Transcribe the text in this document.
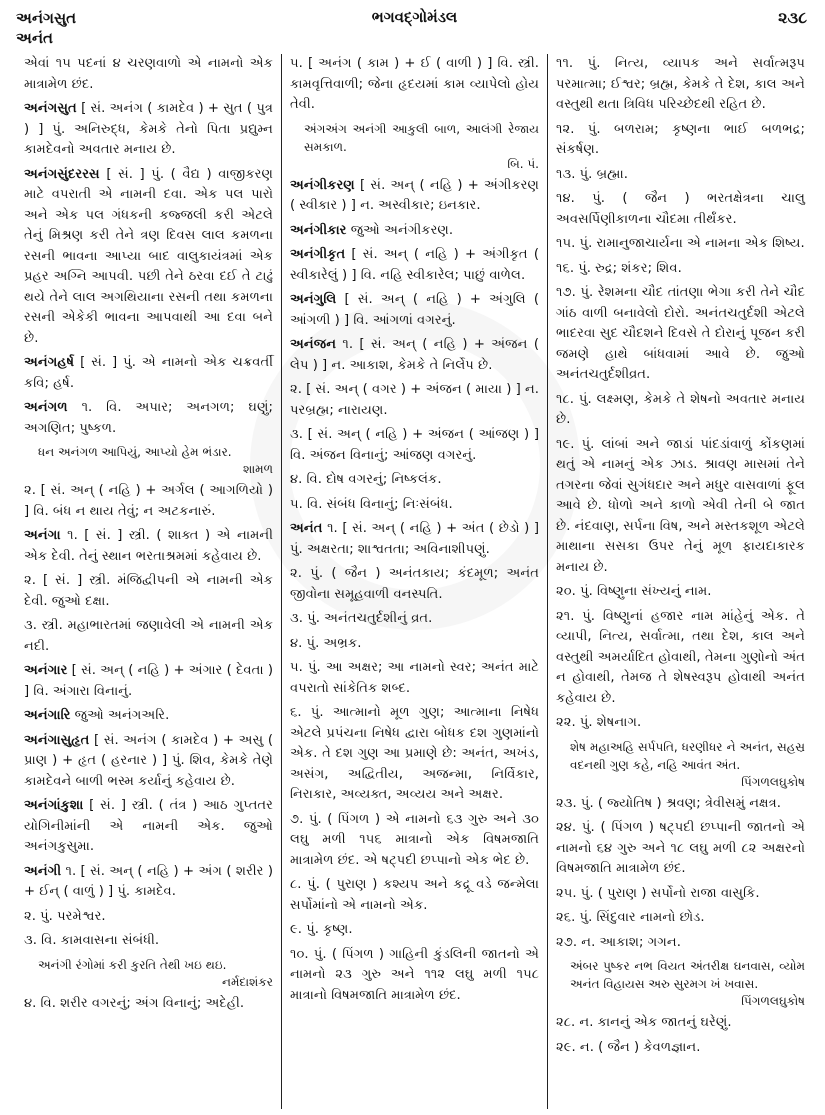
અનંગસુત
અનંત
ભગવદ્ગોમંડલ	૨૩૮

એવાં ૧૫ પદનાં ૪ ચરણવાળો એ નામનો એક માત્રામેળ છંદ.

અનંગસુત [ સં. અનંગ ( કામદેવ ) + સુત ( પુત્ર ) ] પું. અનિરુદ્ધ, કેમકે તેનો પિતા પ્રદ્યુમ્ન કામદેવનો અવતાર મનાય છે.

અનંગસુંદરરસ [ સં. ] પું. ( વૈદ્ય ) વાજીકરણ માટે વપરાતી એ નામની દવા. એક પલ પારો અને એક પલ ગંધકની કજ્જલી કરી એટલે તેનું મિશ્રણ કરી તેને ત્રણ દિવસ લાલ કમળના રસની ભાવના આપ્યા બાદ વાલુકાયંત્રમાં એક પ્રહર અગ્નિ આપવી. પછી તેને ઠરવા દઈ તે ટાઢું થયે તેને લાલ અગથિયાના રસની તથા કમળના રસની એકેકી ભાવના આપવાથી આ દવા બને છે.

અનંગહર્ષ [ સં. ] પું. એ નામનો એક ચક્રવર્તી કવિ; હર્ષ.

અનંગળ ૧. વિ. અપાર; અનગળ; ઘણું; અગણિત; પુષ્કળ.

ધન અનંગળ આપિયું, આપ્યો હેમ ભંડાર.

શામળ

૨. [ સં. અન્ ( નહિ ) + અર્ગલ ( આગળિયો ) ] વિ. બંધ ન થાય તેવું; ન અટકનારું.

અનંગા ૧. [ સં. ] સ્ત્રી. ( શાક્ત ) એ નામની એક દેવી. તેનું સ્થાન ભરતાશ્રમમાં કહેવાય છે.

૨. [ સં. ] સ્ત્રી. મંજિદ્વીપની એ નામની એક દેવી. જુઓ દક્ષા.

૩. સ્ત્રી. મહાભારતમાં જણાવેલી એ નામની એક નદી.

અનંગાર [ સં. અન્ ( નહિ ) + અંગાર ( દેવતા ) ] વિ. અંગારા વિનાનું.

અનંગારિ જુઓ અનંગઅરિ.

અનંગાસુહૃત [ સં. અનંગ ( કામદેવ ) + અસુ ( પ્રાણ ) + હૃત ( હરનાર ) ] પું. શિવ, કેમકે તેણે કામદેવને બાળી ભસ્મ કર્યાનું કહેવાય છે.

અનંગાંકુશા [ સં. ] સ્ત્રી. ( તંત્ર ) આઠ ગુપ્તતર યોગિનીમાંની એ નામની એક. જુઓ અનંગકુસુમા.

અનંગી ૧. [ સં. અન્ ( નહિ ) + અંગ ( શરીર ) + ઈન્ ( વાળું ) ] પું. કામદેવ.

૨. પું. પરમેશ્વર.

૩. વિ. કામવાસના સંબંધી.

અનંગી રંગોમાં કરી કુરતિ તેથી ખઇ થઇ.

નર્મદાશંકર

૪. વિ. શરીર વગરનું; અંગ વિનાનું; અદેહી.

૫. [ અનંગ ( કામ ) + ઈ ( વાળી ) ] વિ. સ્ત્રી. કામવૃત્તિવાળી; જેના હૃદયમાં કામ વ્યાપેલો હોય તેવી.

અંગઅંગ અનંગી આકુલી બાળ, આલંગી રેજાય સમકાળ.

બિ. પં.

અનંગીકરણ [ સં. અન્ ( નહિ ) + અંગીકરણ ( સ્વીકાર ) ] ન. અસ્વીકાર; ઇનકાર.

અનંગીકાર જુઓ અનંગીકરણ.

અનંગીકૃત [ સં. અન્ ( નહિ ) + અંગીકૃત ( સ્વીકારેલું ) ] વિ. નહિ સ્વીકારેલ; પાછું વાળેલ.

અનંગુલિ [ સં. અન્ ( નહિ ) + અંગુલિ ( આંગળી ) ] વિ. આંગળાં વગરનું.

અનંજન ૧. [ સં. અન્ ( નહિ ) + અંજન ( લેપ ) ] ન. આકાશ, કેમકે તે નિર્લેપ છે.

૨. [ સં. અન્ ( વગર ) + અંજન ( માયા ) ] ન. પરબ્રહ્મ; નારાયણ.

૩. [ સં. અન્ ( નહિ ) + અંજન ( આંજણ ) ] વિ. અંજન વિનાનું; આંજણ વગરનું.

૪. વિ. દોષ વગરનું; નિષ્કલંક.

૫. વિ. સંબંધ વિનાનું; નિઃસંબંધ.

અનંત ૧. [ સં. અન્ ( નહિ ) + અંત ( છેડો ) ] પું. અક્ષરતા; શાશ્વતતા; અવિનાશીપણું.

૨. પું. ( જૈન ) અનંતકાય; કંદમૂળ; અનંત જીવોના સમૂહવાળી વનસ્પતિ.

૩. પું. અનંતચતુર્દશીનું વ્રત.

૪. પું. અભ્રક.

૫. પું. આ અક્ષર; આ નામનો સ્વર; અનંત માટે વપરાતો સાંકેતિક શબ્દ.

૬. પું. આત્માનો મૂળ ગુણ; આત્માના નિષેધ એટલે પ્રપંચના નિષેધ દ્વારા બોધક દશ ગુણમાંનો એક. તે દશ ગુણ આ પ્રમાણે છે: અનંત, અખંડ, અસંગ, અદ્વિતીય, અજન્મા, નિર્વિકાર, નિરાકાર, અવ્યક્ત, અવ્યય અને અક્ષર.

૭. પું. ( પિંગળ ) એ નામનો ૬૩ ગુરુ અને ૩૦ લઘુ મળી ૧૫૬ માત્રાનો એક વિષમજાતિ માત્રામેળ છંદ. એ ષટ્પદી છપ્પાનો એક ભેદ છે.

૮. પું. ( પુરાણ ) કશ્યપ અને કદ્રૂ વડે જન્મેલા સર્પોમાંનો એ નામનો એક.

૯. પું. કૃષ્ણ.

૧૦. પું. ( પિંગળ ) ગાહિની કુંડલિની જાતનો એ નામનો ૨૩ ગુરુ અને ૧૧૨ લઘુ મળી ૧૫૮ માત્રાનો વિષમજાતિ માત્રામેળ છંદ.

૧૧. પું. નિત્ય, વ્યાપક અને સર્વાત્મરૂપ પરમાત્મા; ઈશ્વર; બ્રહ્મ, કેમકે તે દેશ, કાલ અને વસ્તુથી થતા ત્રિવિધ પરિચ્છેદથી રહિત છે.

૧૨. પું. બળરામ; કૃષ્ણના ભાઈ બળભદ્ર; સંકર્ષણ.

૧૩. પું. બ્રહ્મા.

૧૪. પું. ( જૈન ) ભરતક્ષેત્રના ચાલુ અવસર્પિણીકાળના ચૌદમા તીર્થંકર.

૧૫. પું. રામાનુજાચાર્યના એ નામના એક શિષ્ય.

૧૬. પું. રુદ્ર; શંકર; શિવ.

૧૭. પું. રેશમના ચૌદ તાંતણા ભેગા કરી તેને ચૌદ ગાંઠ વાળી બનાવેલો દોરો. અનંતચતુર્દશી એટલે ભાદરવા સુદ ચૌદશને દિવસે તે દોરાનું પૂજન કરી જમણે હાથે બાંધવામાં આવે છે. જુઓ અનંતચતુર્દશીવ્રત.

૧૮. પું. લક્ષ્મણ, કેમકે તે શેષનો અવતાર મનાય છે.

૧૯. પું. લાંબાં અને જાડાં પાંદડાંવાળું કોંકણમાં થતું એ નામનું એક ઝાડ. શ્રાવણ માસમાં તેને તગરના જેવાં સુગંધદાર અને મધુર વાસવાળાં ફૂલ આવે છે. ધોળો અને કાળો એવી તેની બે જાત છે. નંદવાણ, સર્પના વિષ, અને મસ્તકશૂળ એટલે માથાના સસકા ઉપર તેનું મૂળ ફાયદાકારક મનાય છે.

૨૦. પું. વિષ્ણુના સંખ્યનું નામ.

૨૧. પું. વિષ્ણુનાં હજાર નામ માંહેનું એક. તે વ્યાપી, નિત્ય, સર્વાત્મા, તથા દેશ, કાલ અને વસ્તુથી અમર્યાદિત હોવાથી, તેમના ગુણોનો અંત ન હોવાથી, તેમજ તે શેષસ્વરૂપ હોવાથી અનંત કહેવાય છે.

૨૨. પું. શેષનાગ.

શેષ મહાઅહિ સર્પપતિ, ધરણીધર ને અનંત, સહસ્ર વદનથી ગુણ કહે, નહિ આવંત અંત.

પિંગળલઘુકોષ

૨૩. પું. ( જ્યોતિષ ) શ્રવણ; ત્રેવીસમું નક્ષત્ર.

૨૪. પું. ( પિંગળ ) ષટ્પદી છપ્પાની જાતનો એ નામનો ૬૪ ગુરુ અને ૧૮ લઘુ મળી ૮૨ અક્ષરનો વિષમજાતિ માત્રામેળ છંદ.

૨૫. પું. ( પુરાણ ) સર્પોનો રાજા વાસુકિ.

૨૬. પું. સિંદુવાર નામનો છોડ.

૨૭. ન. આકાશ; ગગન.

અંબર પુષ્કર નભ વિયત અંતરીક્ષ ઘનવાસ, વ્યોમ અનંત વિહાયસ અરુ સુરમગ ખં ખવાસ.

પિંગળલઘુકોષ

૨૮. ન. કાનનું એક જાતનું ઘરેણું.

૨૯. ન. ( જૈન ) કેવળજ્ઞાન.
